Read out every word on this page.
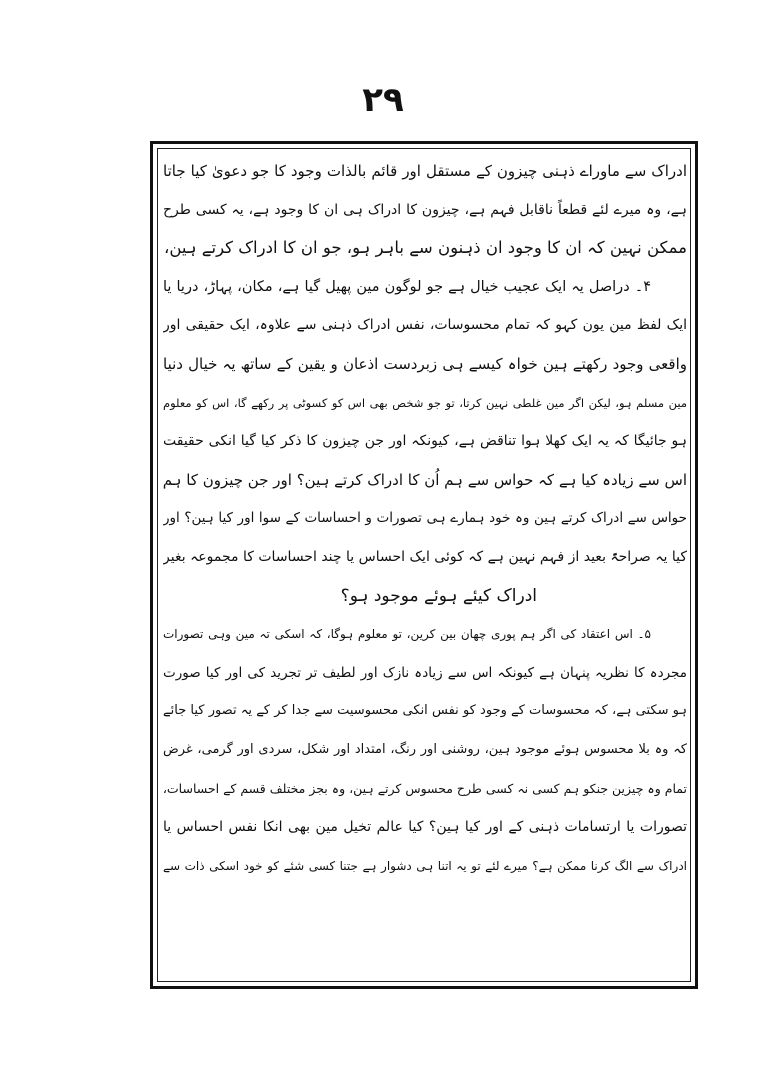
۲۹
ادراک سے ماوراے ذہنی چیزون کے مستقل اور قائم بالذات وجود کا جو دعویٰ کیا جاتا
ہے، وہ میرے لئے قطعاً ناقابل فہم ہے، چیزون کا ادراک ہی ان کا وجود ہے، یہ کسی طرح
ممکن نہین کہ ان کا وجود ان ذہنون سے باہر ہو، جو ان کا ادراک کرتے ہین،
۴۔ دراصل یہ ایک عجیب خیال ہے جو لوگون مین پھیل گیا ہے، مکان، پہاڑ، دریا یا
ایک لفظ مین یون کہو کہ تمام محسوسات، نفس ادراک ذہنی سے علاوہ، ایک حقیقی اور
واقعی وجود رکھتے ہین خواہ کیسے ہی زبردست اذعان و یقین کے ساتھ یہ خیال دنیا
مین مسلم ہو، لیکن اگر مین غلطی نہین کرتا، تو جو شخص بھی اس کو کسوٹی پر رکھے گا، اس کو معلوم
ہو جائیگا کہ یہ ایک کھلا ہوا تناقض ہے، کیونکہ اور جن چیزون کا ذکر کیا گیا انکی حقیقت
اس سے زیادہ کیا ہے کہ حواس سے ہم اُن کا ادراک کرتے ہین؟ اور جن چیزون کا ہم
حواس سے ادراک کرتے ہین وہ خود ہمارے ہی تصورات و احساسات کے سوا اور کیا ہین؟ اور
کیا یہ صراحۃً بعید از فہم نہین ہے کہ کوئی ایک احساس یا چند احساسات کا مجموعہ بغیر
ادراک کیئے ہوئے موجود ہو؟
۵۔ اس اعتقاد کی اگر ہم پوری چھان بین کرین، تو معلوم ہوگا، کہ اسکی تہ مین وہی تصورات
مجردہ کا نظریہ پنہان ہے کیونکہ اس سے زیادہ نازک اور لطیف تر تجرید کی اور کیا صورت
ہو سکتی ہے، کہ محسوسات کے وجود کو نفس انکی محسوسیت سے جدا کر کے یہ تصور کیا جائے
کہ وہ بلا محسوس ہوئے موجود ہین، روشنی اور رنگ، امتداد اور شکل، سردی اور گرمی، غرض
تمام وہ چیزین جنکو ہم کسی نہ کسی طرح محسوس کرتے ہین، وہ بجز مختلف قسم کے احساسات،
تصورات یا ارتسامات ذہنی کے اور کیا ہین؟ کیا عالم تخیل مین بھی انکا نفس احساس یا
ادراک سے الگ کرنا ممکن ہے؟ میرے لئے تو یہ اتنا ہی دشوار ہے جتنا کسی شئے کو خود اسکی ذات سے
